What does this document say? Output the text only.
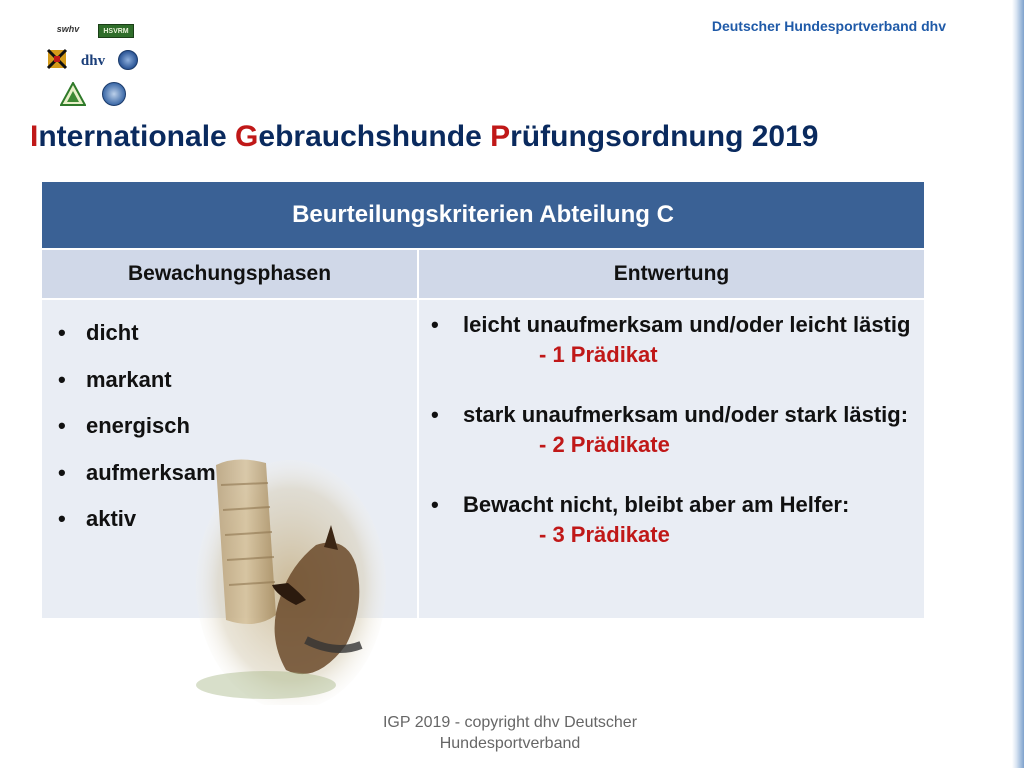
Deutscher Hundesportverband dhv
swhv	HSVRM
dhv
Internationale Gebrauchshunde Prüfungsordnung 2019
Beurteilungskriterien Abteilung C
Bewachungsphasen	Entwertung
• dicht
• markant
• energisch
• aufmerksam
• aktiv
•	leicht unaufmerksam und/oder leicht lästig
- 1 Prädikat
•	stark unaufmerksam und/oder stark lästig:
- 2 Prädikate
•	Bewacht nicht, bleibt aber am Helfer:
- 3 Prädikate
IGP 2019 - copyright dhv Deutscher
Hundesportverband
